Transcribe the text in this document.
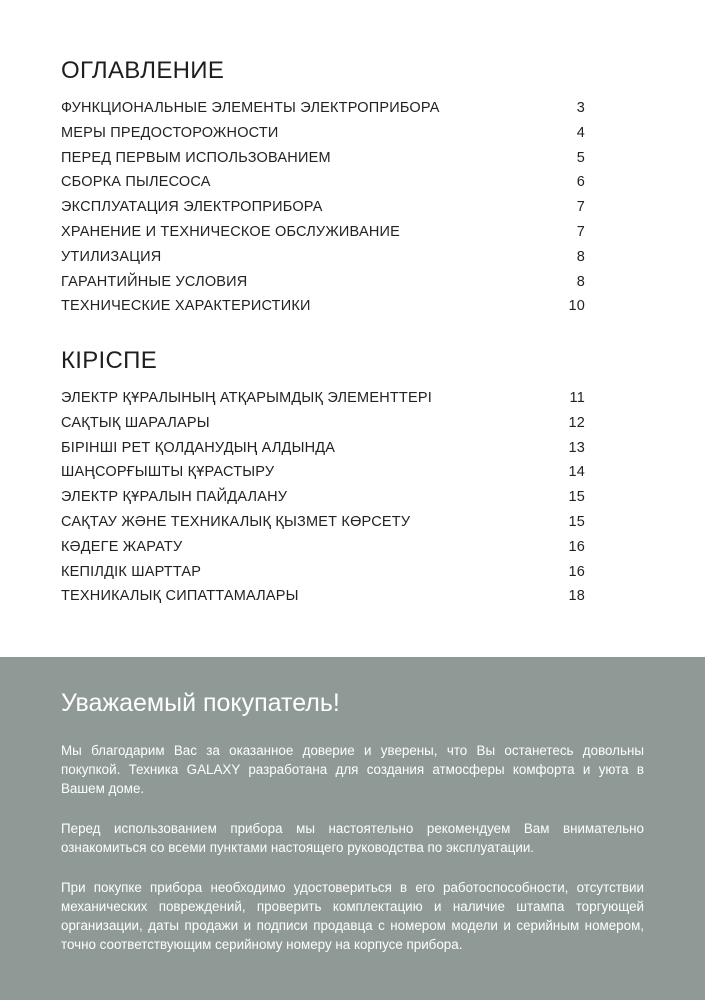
ОГЛАВЛЕНИЕ
ФУНКЦИОНАЛЬНЫЕ ЭЛЕМЕНТЫ ЭЛЕКТРОПРИБОРА	3
МЕРЫ ПРЕДОСТОРОЖНОСТИ	4
ПЕРЕД ПЕРВЫМ ИСПОЛЬЗОВАНИЕМ	5
СБОРКА ПЫЛЕСОСА	6
ЭКСПЛУАТАЦИЯ ЭЛЕКТРОПРИБОРА	7
ХРАНЕНИЕ И ТЕХНИЧЕСКОЕ ОБСЛУЖИВАНИЕ	7
УТИЛИЗАЦИЯ	8
ГАРАНТИЙНЫЕ УСЛОВИЯ	8
ТЕХНИЧЕСКИЕ ХАРАКТЕРИСТИКИ	10
КІРІСПЕ
ЭЛЕКТР ҚҰРАЛЫНЫҢ АТҚАРЫМДЫҚ ЭЛЕМЕНТТЕРІ	11
САҚТЫҚ ШАРАЛАРЫ	12
БІРІНШІ РЕТ ҚОЛДАНУДЫҢ АЛДЫНДА	13
ШАҢСОРҒЫШТЫ ҚҰРАСТЫРУ	14
ЭЛЕКТР ҚҰРАЛЫН ПАЙДАЛАНУ	15
САҚТАУ ЖӘНЕ ТЕХНИКАЛЫҚ ҚЫЗМЕТ КӨРСЕТУ	15
КӘДЕГЕ ЖАРАТУ	16
КЕПІЛДІК ШАРТТАР	16
ТЕХНИКАЛЫҚ СИПАТТАМАЛАРЫ	18
Уважаемый покупатель!

Мы благодарим Вас за оказанное доверие и уверены, что Вы останетесь довольны покупкой. Техника GALAXY разработана для создания атмосферы комфорта и уюта в Вашем доме.

Перед использованием прибора мы настоятельно рекомендуем Вам внимательно ознакомиться со всеми пунктами настоящего руководства по эксплуатации.

При покупке прибора необходимо удостовериться в его работоспособности, отсутствии механических повреждений, проверить комплектацию и наличие штампа торгующей организации, даты продажи и подписи продавца с номером модели и серийным номером, точно соответствующим серийному номеру на корпусе прибора.
